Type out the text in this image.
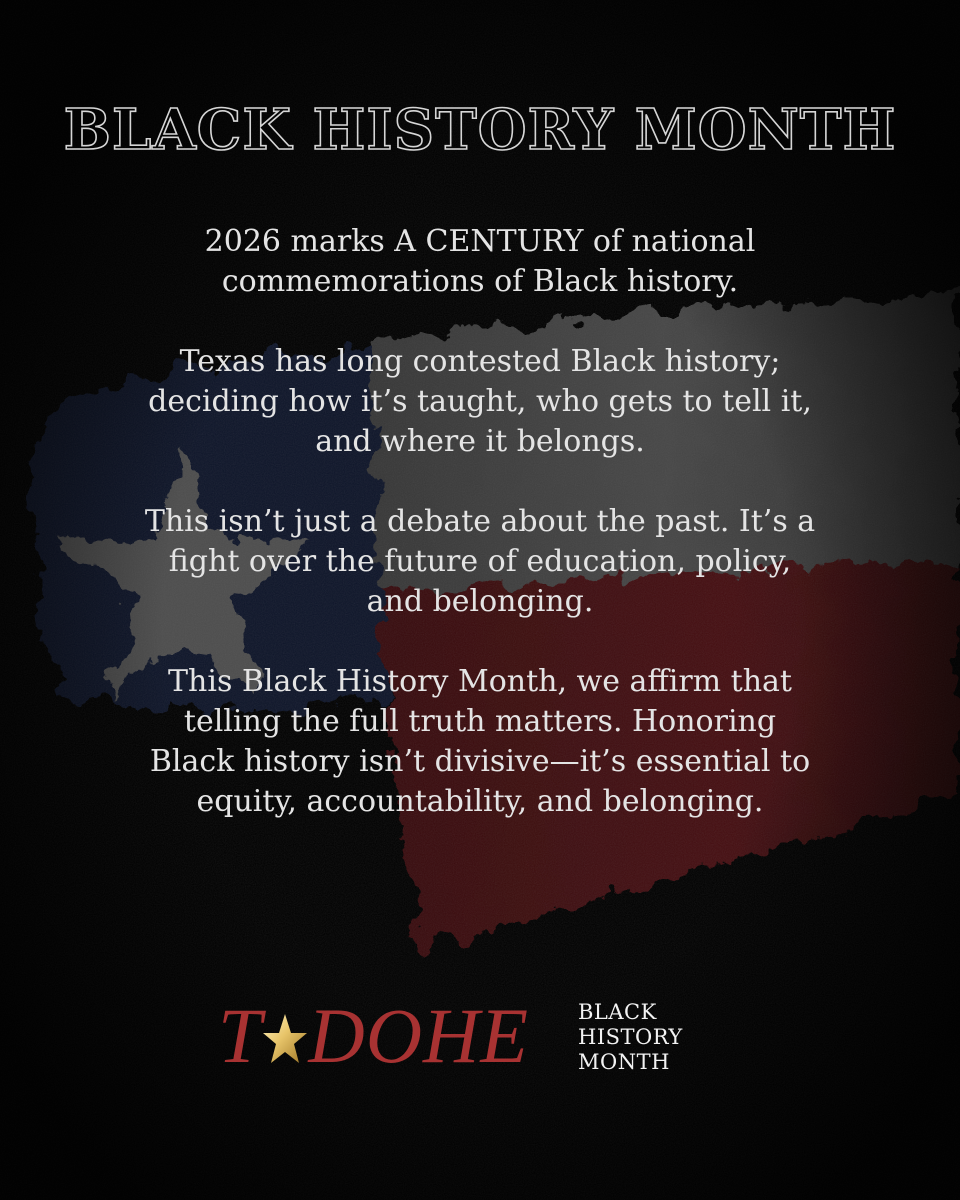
BLACK HISTORY MONTH

2026 marks A CENTURY of national
commemorations of Black history.

Texas has long contested Black history;
deciding how it’s taught, who gets to tell it,
and where it belongs.

This isn’t just a debate about the past. It’s a
fight over the future of education, policy,
and belonging.

This Black History Month, we affirm that
telling the full truth matters. Honoring
Black history isn’t divisive—it’s essential to
equity, accountability, and belonging.

T DOHE BLACK
HISTORY
MONTH
